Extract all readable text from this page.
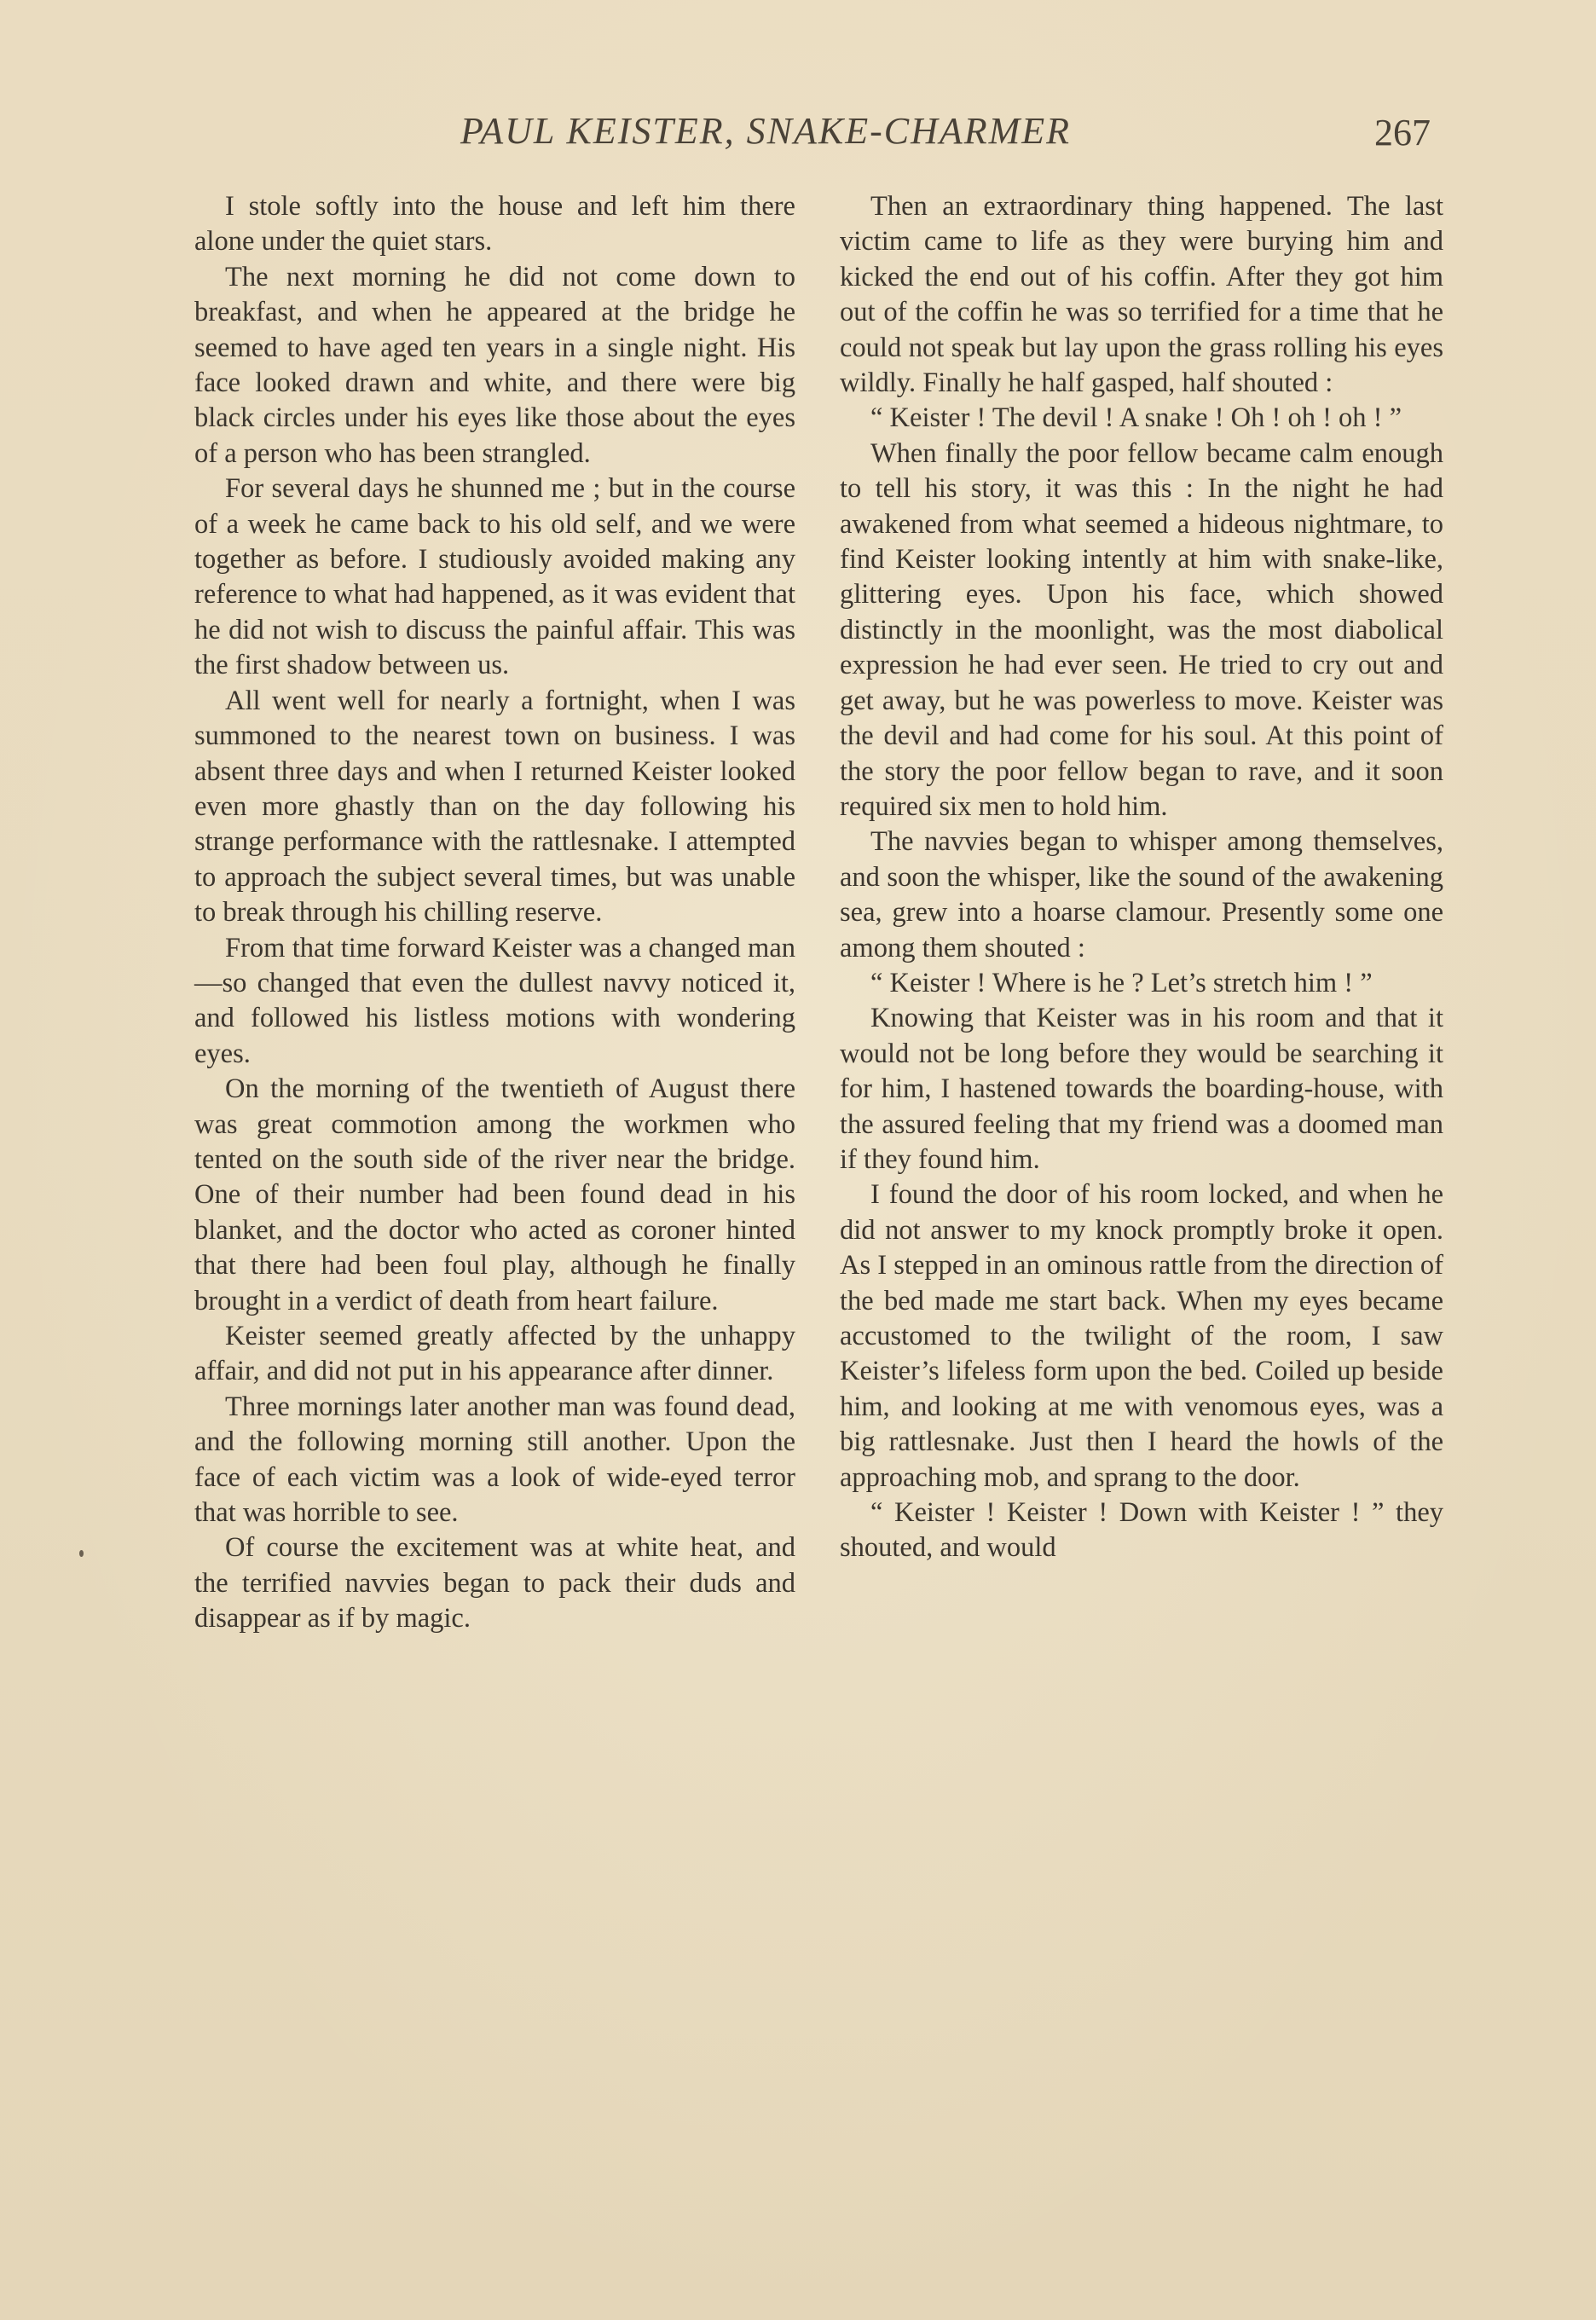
PAUL KEISTER, SNAKE-CHARMER	267

I stole softly into the house and left him there alone under the quiet stars.

The next morning he did not come down to breakfast, and when he appeared at the bridge he seemed to have aged ten years in a single night. His face looked drawn and white, and there were big black circles under his eyes like those about the eyes of a person who has been strangled.

For several days he shunned me ; but in the course of a week he came back to his old self, and we were together as before. I studiously avoided making any reference to what had happened, as it was evident that he did not wish to discuss the painful affair. This was the first shadow between us.

All went well for nearly a fortnight, when I was summoned to the nearest town on business. I was absent three days and when I returned Keister looked even more ghastly than on the day following his strange performance with the rattlesnake. I attempted to approach the subject several times, but was unable to break through his chilling reserve.

From that time forward Keister was a changed man—so changed that even the dullest navvy noticed it, and followed his listless motions with wondering eyes.

On the morning of the twentieth of August there was great commotion among the workmen who tented on the south side of the river near the bridge. One of their number had been found dead in his blanket, and the doctor who acted as coroner hinted that there had been foul play, although he finally brought in a verdict of death from heart failure.

Keister seemed greatly affected by the unhappy affair, and did not put in his appearance after dinner.

Three mornings later another man was found dead, and the following morning still another. Upon the face of each victim was a look of wide-eyed terror that was horrible to see.

Of course the excitement was at white heat, and the terrified navvies began to pack their duds and disappear as if by magic.

Then an extraordinary thing happened. The last victim came to life as they were burying him and kicked the end out of his coffin. After they got him out of the coffin he was so terrified for a time that he could not speak but lay upon the grass rolling his eyes wildly. Finally he half gasped, half shouted :

“ Keister ! The devil ! A snake ! Oh ! oh ! oh ! ”

When finally the poor fellow became calm enough to tell his story, it was this : In the night he had awakened from what seemed a hideous nightmare, to find Keister looking intently at him with snake-like, glittering eyes. Upon his face, which showed distinctly in the moonlight, was the most diabolical expression he had ever seen. He tried to cry out and get away, but he was powerless to move. Keister was the devil and had come for his soul. At this point of the story the poor fellow began to rave, and it soon required six men to hold him.

The navvies began to whisper among themselves, and soon the whisper, like the sound of the awakening sea, grew into a hoarse clamour. Presently some one among them shouted :

“ Keister ! Where is he ? Let’s stretch him ! ”

Knowing that Keister was in his room and that it would not be long before they would be searching it for him, I hastened towards the boarding-house, with the assured feeling that my friend was a doomed man if they found him.

I found the door of his room locked, and when he did not answer to my knock promptly broke it open. As I stepped in an ominous rattle from the direction of the bed made me start back. When my eyes became accustomed to the twilight of the room, I saw Keister’s lifeless form upon the bed. Coiled up beside him, and looking at me with venomous eyes, was a big rattlesnake. Just then I heard the howls of the approaching mob, and sprang to the door.

“ Keister ! Keister ! Down with Keister ! ” they shouted, and would
